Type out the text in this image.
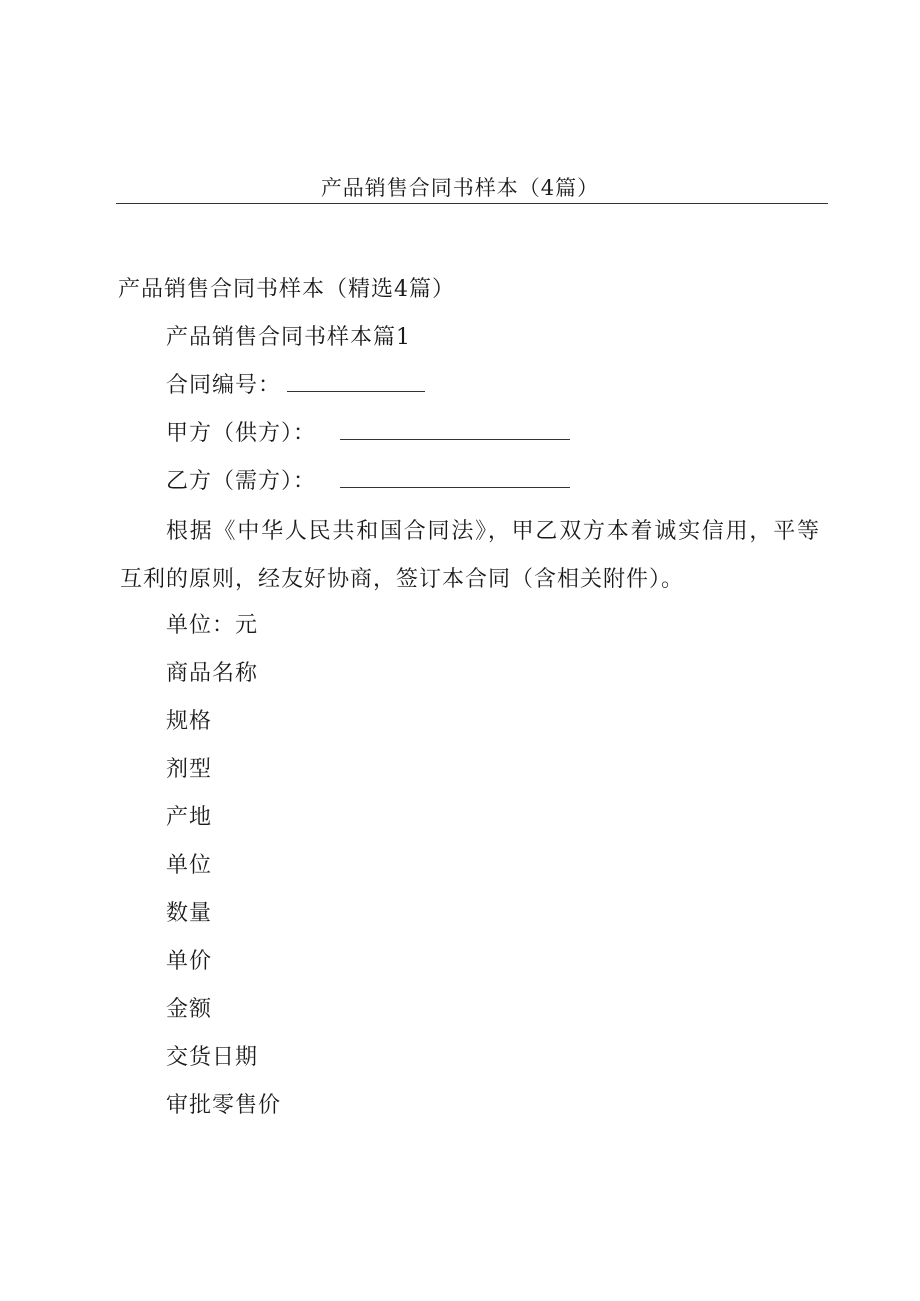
产品销售合同书样本（4篇）
产品销售合同书样本（精选4篇）
产品销售合同书样本篇1
合同编号：
甲方（供方）：
乙方（需方）：
根据《中华人民共和国合同法》，甲乙双方本着诚实信用，平等互利的原则，经友好协商，签订本合同（含相关附件）。
单位：元
商品名称
规格
剂型
产地
单位
数量
单价
金额
交货日期
审批零售价
